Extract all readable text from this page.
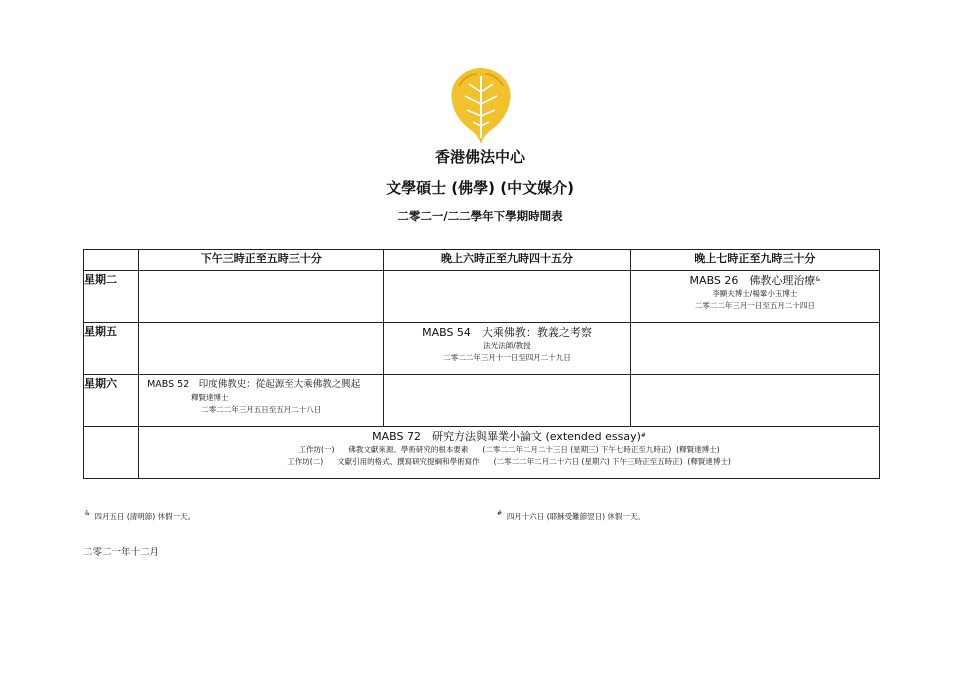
香港佛法中心
文學碩士 (佛學) (中文媒介)
二零二一/二二學年下學期時間表
	下午三時正至五時三十分	晚上六時正至九時四十五分	晚上七時正至九時三十分
星期二			MABS 26　佛教心理治療&
李顯夫博士/楊鞏小玉博士
二零二二年三月一日至五月二十四日

星期五		MABS 54　大乘佛教：教義之考察
法光法師/教授
二零二二年三月十一日至四月二十九日	

星期六	MABS 52　印度佛教史：從起源至大乘佛教之興起
釋賢達博士
二零二二年三月五日至五月二十八日		

	MABS 72　研究方法與畢業小論文 (extended essay)#
工作坊(一) 佛教文獻來源、學術研究的根本要素 (二零二二年二月二十三日 (星期三) 下午七時正至九時正) (釋賢達博士)
工作坊(二) 文獻引用的格式、撰寫研究提綱和學術寫作 (二零二二年二月二十六日 (星期六) 下午三時正至五時正) (釋賢達博士)		
& 四月五日 (清明節) 休假一天。	# 四月十六日 (耶穌受難節翌日) 休假一天。
二零二一年十二月
